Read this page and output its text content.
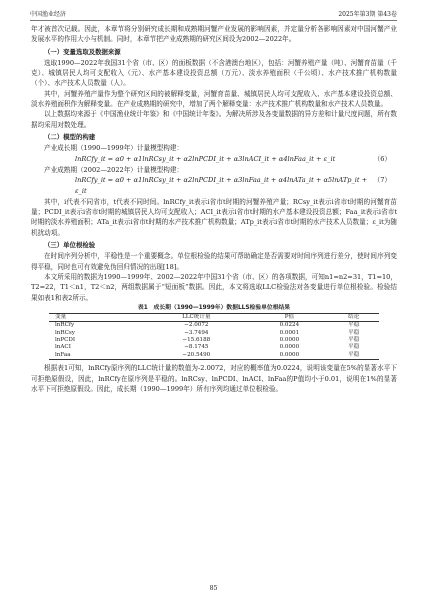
中国渔业经济	2025年第3期 第43卷

年才被首次记载。因此，本章节将分别研究成长期和成熟期河蟹产业发展的影响因素，并定量分析各影响因素对中国河蟹产业发展水平的作用大小与机制。同时，本章节把产业成熟期的研究区间设为2002—2022年。

（一）变量选取及数据来源

选取1990—2022年我国31个省（市、区）的面板数据（不含港澳台地区），包括：河蟹养殖产量（吨）、河蟹育苗量（千克）、城镇居民人均可支配收入（元）、水产基本建设投资总额（万元）、淡水养殖面积（千公顷）、水产技术推广机构数量（个）、水产技术人员数量（人）。

其中，河蟹养殖产量作为整个研究区间的被解释变量，河蟹育苗量、城镇居民人均可支配收入、水产基本建设投资总额、淡水养殖面积作为解释变量。在产业成熟期的研究中，增加了两个解释变量：水产技术推广机构数量和水产技术人员数量。

以上数据均来源于《中国渔业统计年鉴》和《中国统计年鉴》。为解决所涉及各变量数据的异方差和计量尺度问题，所有数据均采用对数处理。

（二）模型的构建

产业成长期（1990—1999年）计量模型构建：

lnRCfy_it = α0 + α1lnRCsy_it + α2lnPCDI_it + α3lnACI_it + α4lnFaa_it + ε_it	（6）

产业成熟期（2002—2022年）计量模型构建：

lnRCfy_it = α0 + α1lnRCsy_it + α2lnPCDI_it + α3lnFaa_it + α4lnATa_it + α5lnATp_it + ε_it
（7）

其中，i代表不同省市，t代表不同时间。lnRCfy_it表示i省市t时期的河蟹养殖产量；RCsy_it表示i省市t时期的河蟹育苗量；PCDI_it表示i省市t时期的城镇居民人均可支配收入；ACI_it表示i省市t时期的水产基本建设投资总额；Faa_it表示i省市t时期的淡水养殖面积；ATa_it表示i省市t时期的水产技术推广机构数量；ATp_it表示i省市t时期的水产技术人员数量；ε_it为随机扰动项。

（三）单位根检验

在时间序列分析中，平稳性是一个重要概念。单位根检验的结果可帮助确定是否需要对时间序列进行差分，使时间序列变得平稳，同时也可有效避免伪回归情况的出现[18]。

本文所采用的数据为1990—1999年、2002—2022年中国31个省（市、区）的各项数据，可知n1=n2=31，T1=10，T2=22，T1＜n1，T2＜n2，两组数据属于“短面板”数据。因此，本文将选取LLC检验法对各变量进行单位根检验。检验结果如表1和表2所示。

表1　成长期（1990—1999年）数据LLS检验单位根结果
变量	LLC统计量	P值	结论
lnRCfy	−2.0072	0.0224	平稳
lnRCsy	−3.7494	0.0001	平稳
lnPCDI	−15.6188	0.0000	平稳
lnACI	−8.1745	0.0000	平稳
lnFaa	−20.5490	0.0000	平稳

根据表1可知，lnRCfy原序列的LLC统计量的数值为-2.0072，对应的概率值为0.0224，说明该变量在5%的显著水平下可拒绝原假设，因此，lnRCfy在原序列是平稳的。lnRCsy、lnPCDI、lnACI、lnFaa的P值均小于0.01，说明在1%的显著水平下可拒绝原假设。因此，成长期（1990—1999年）所有序列均通过单位根检验。

85
